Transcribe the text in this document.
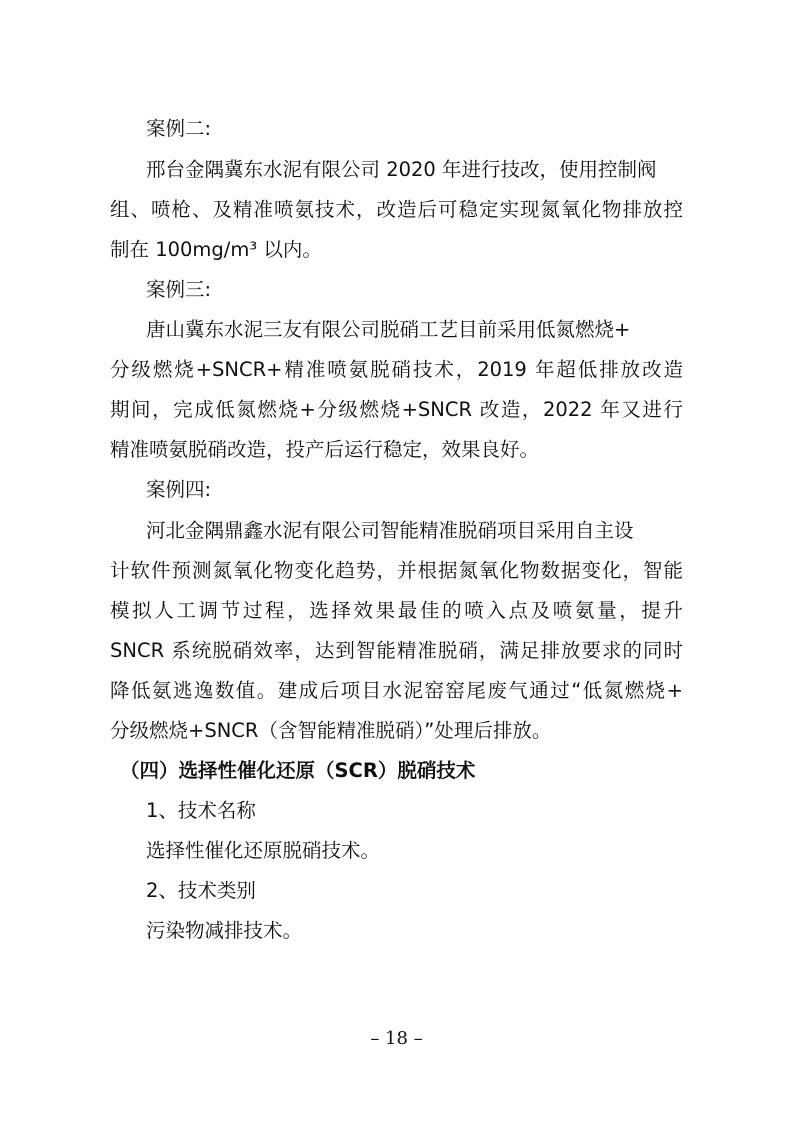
案例二:
邢台金隅冀东水泥有限公司 2020 年进行技改，使用控制阀
组、喷枪、及精准喷氨技术，改造后可稳定实现氮氧化物排放控
制在 100mg/m³ 以内。
案例三:
唐山冀东水泥三友有限公司脱硝工艺目前采用低氮燃烧+
分级燃烧+SNCR+精准喷氨脱硝技术，2019 年超低排放改造
期间，完成低氮燃烧+分级燃烧+SNCR 改造，2022 年又进行
精准喷氨脱硝改造，投产后运行稳定，效果良好。
案例四:
河北金隅鼎鑫水泥有限公司智能精准脱硝项目采用自主设
计软件预测氮氧化物变化趋势，并根据氮氧化物数据变化，智能
模拟人工调节过程，选择效果最佳的喷入点及喷氨量，提升
SNCR 系统脱硝效率，达到智能精准脱硝，满足排放要求的同时
降低氨逃逸数值。建成后项目水泥窑窑尾废气通过“低氮燃烧+
分级燃烧+SNCR（含智能精准脱硝）”处理后排放。
（四）选择性催化还原（SCR）脱硝技术
1、技术名称
选择性催化还原脱硝技术。
2、技术类别
污染物减排技术。
– 18 –
